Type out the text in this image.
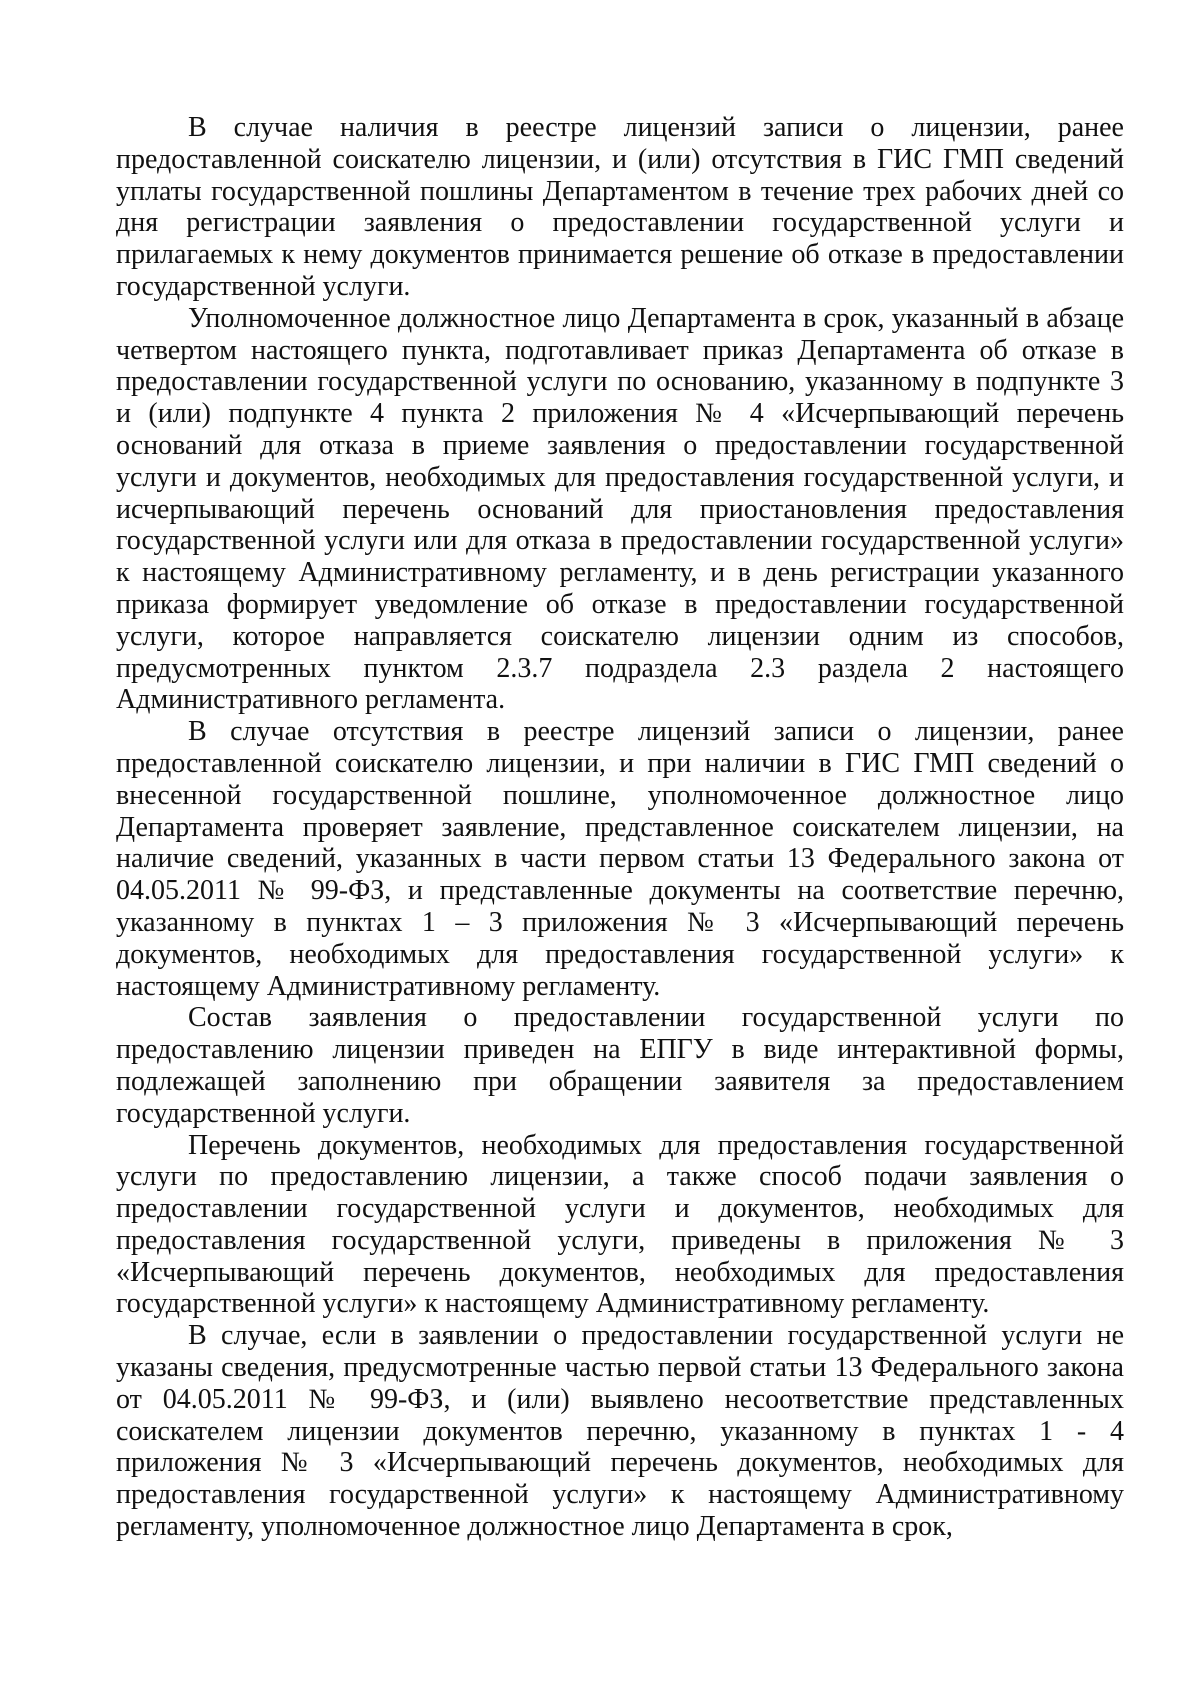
В случае наличия в реестре лицензий записи о лицензии, ранее предоставленной соискателю лицензии, и (или) отсутствия в ГИС ГМП сведений уплаты государственной пошлины Департаментом в течение трех рабочих дней со дня регистрации заявления о предоставлении государственной услуги и прилагаемых к нему документов принимается решение об отказе в предоставлении государственной услуги.

Уполномоченное должностное лицо Департамента в срок, указанный в абзаце четвертом настоящего пункта, подготавливает приказ Департамента об отказе в предоставлении государственной услуги по основанию, указанному в подпункте 3 и (или) подпункте 4 пункта 2 приложения № 4 «Исчерпывающий перечень оснований для отказа в приеме заявления о предоставлении государственной услуги и документов, необходимых для предоставления государственной услуги, и исчерпывающий перечень оснований для приостановления предоставления государственной услуги или для отказа в предоставлении государственной услуги» к настоящему Административному регламенту, и в день регистрации указанного приказа формирует уведомление об отказе в предоставлении государственной услуги, которое направляется соискателю лицензии одним из способов, предусмотренных пунктом 2.3.7 подраздела 2.3 раздела 2 настоящего Административного регламента.

В случае отсутствия в реестре лицензий записи о лицензии, ранее предоставленной соискателю лицензии, и при наличии в ГИС ГМП сведений о внесенной государственной пошлине, уполномоченное должностное лицо Департамента проверяет заявление, представленное соискателем лицензии, на наличие сведений, указанных в части первом статьи 13 Федерального закона от 04.05.2011 № 99-ФЗ, и представленные документы на соответствие перечню, указанному в пунктах 1 – 3 приложения № 3 «Исчерпывающий перечень документов, необходимых для предоставления государственной услуги» к настоящему Административному регламенту.

Состав заявления о предоставлении государственной услуги по предоставлению лицензии приведен на ЕПГУ в виде интерактивной формы, подлежащей заполнению при обращении заявителя за предоставлением государственной услуги.

Перечень документов, необходимых для предоставления государственной услуги по предоставлению лицензии, а также способ подачи заявления о предоставлении государственной услуги и документов, необходимых для предоставления государственной услуги, приведены в приложения № 3 «Исчерпывающий перечень документов, необходимых для предоставления государственной услуги» к настоящему Административному регламенту.

В случае, если в заявлении о предоставлении государственной услуги не указаны сведения, предусмотренные частью первой статьи 13 Федерального закона от 04.05.2011 № 99-ФЗ, и (или) выявлено несоответствие представленных соискателем лицензии документов перечню, указанному в пунктах 1 - 4 приложения № 3 «Исчерпывающий перечень документов, необходимых для предоставления государственной услуги» к настоящему Административному регламенту, уполномоченное должностное лицо Департамента в срок,
